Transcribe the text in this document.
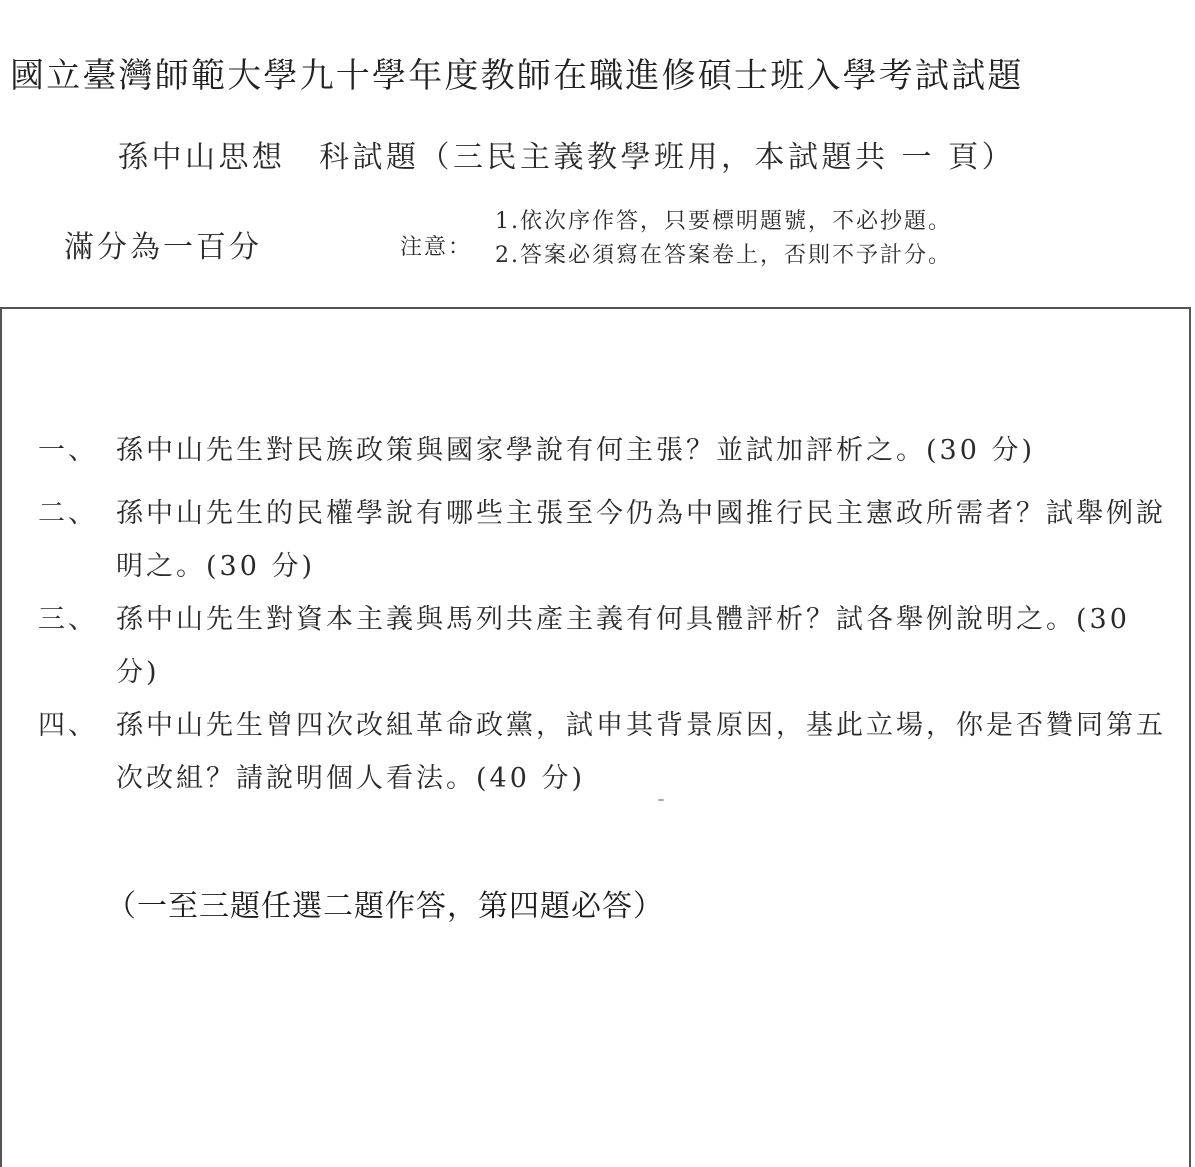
國立臺灣師範大學九十學年度教師在職進修碩士班入學考試試題
孫中山思想　科試題（三民主義教學班用，本試題共 一 頁）
滿分為一百分	注意：
1.依次序作答，只要標明題號，不必抄題。
2.答案必須寫在答案卷上，否則不予計分。
一、 孫中山先生對民族政策與國家學說有何主張？並試加評析之。(30 分)
二、 孫中山先生的民權學說有哪些主張至今仍為中國推行民主憲政所需者？試舉例說明之。(30 分)
三、 孫中山先生對資本主義與馬列共產主義有何具體評析？試各舉例說明之。(30 分)
四、 孫中山先生曾四次改組革命政黨，試申其背景原因，基此立場，你是否贊同第五次改組？請說明個人看法。(40 分)
（一至三題任選二題作答，第四題必答）
